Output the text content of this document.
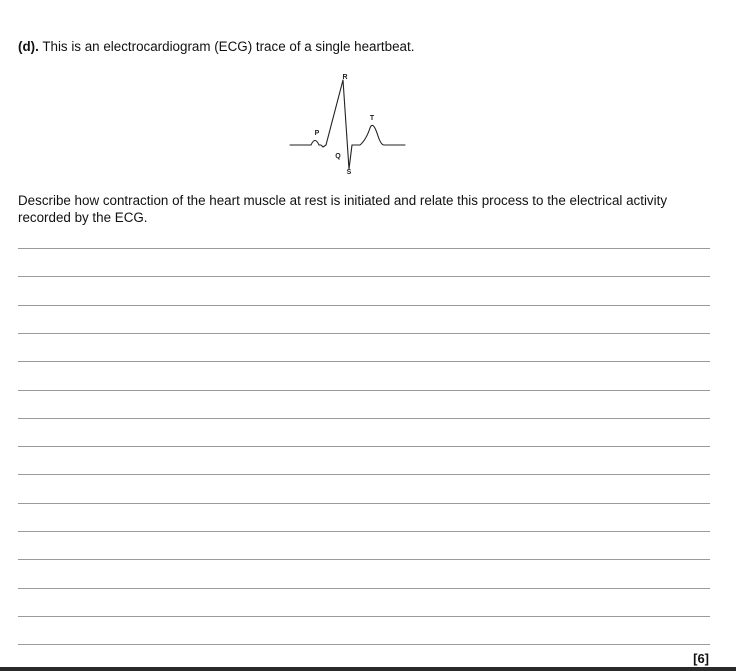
(d). This is an electrocardiogram (ECG) trace of a single heartbeat.
P
Q
R
S
T
Describe how contraction of the heart muscle at rest is initiated and relate this process to the electrical activity recorded by the ECG.
[6]
